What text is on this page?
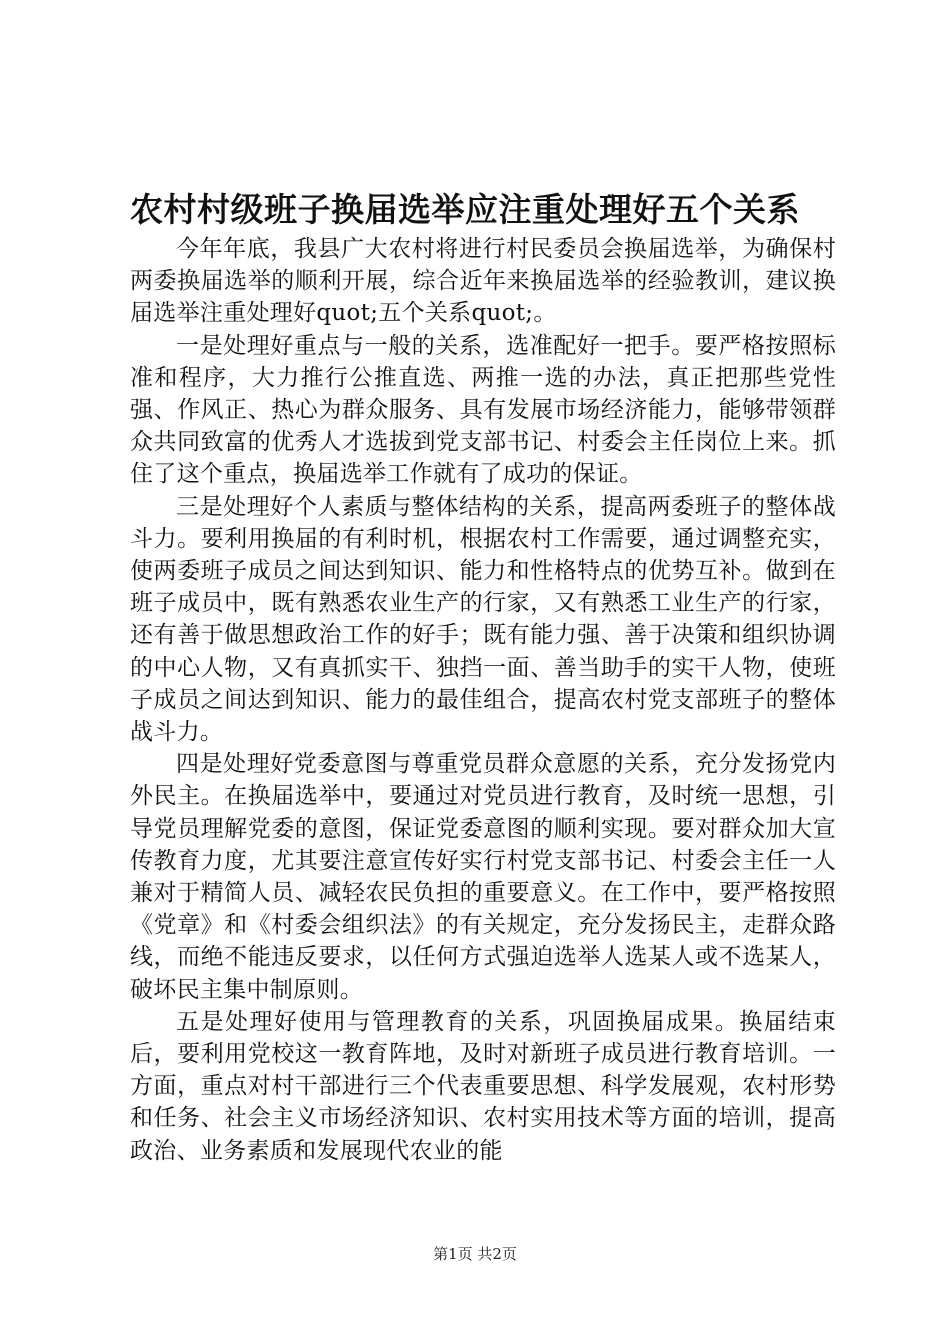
农村村级班子换届选举应注重处理好五个关系

今年年底，我县广大农村将进行村民委员会换届选举，为确保村两委换届选举的顺利开展，综合近年来换届选举的经验教训，建议换届选举注重处理好quot;五个关系quot;。

一是处理好重点与一般的关系，选准配好一把手。要严格按照标准和程序，大力推行公推直选、两推一选的办法，真正把那些党性强、作风正、热心为群众服务、具有发展市场经济能力，能够带领群众共同致富的优秀人才选拔到党支部书记、村委会主任岗位上来。抓住了这个重点，换届选举工作就有了成功的保证。

三是处理好个人素质与整体结构的关系，提高两委班子的整体战斗力。要利用换届的有利时机，根据农村工作需要，通过调整充实，使两委班子成员之间达到知识、能力和性格特点的优势互补。做到在班子成员中，既有熟悉农业生产的行家，又有熟悉工业生产的行家，还有善于做思想政治工作的好手；既有能力强、善于决策和组织协调的中心人物，又有真抓实干、独挡一面、善当助手的实干人物，使班子成员之间达到知识、能力的最佳组合，提高农村党支部班子的整体战斗力。

四是处理好党委意图与尊重党员群众意愿的关系，充分发扬党内外民主。在换届选举中，要通过对党员进行教育，及时统一思想，引导党员理解党委的意图，保证党委意图的顺利实现。要对群众加大宣传教育力度，尤其要注意宣传好实行村党支部书记、村委会主任一人兼对于精简人员、减轻农民负担的重要意义。在工作中，要严格按照《党章》和《村委会组织法》的有关规定，充分发扬民主，走群众路线，而绝不能违反要求，以任何方式强迫选举人选某人或不选某人，破坏民主集中制原则。

五是处理好使用与管理教育的关系，巩固换届成果。换届结束后，要利用党校这一教育阵地，及时对新班子成员进行教育培训。一方面，重点对村干部进行三个代表重要思想、科学发展观，农村形势和任务、社会主义市场经济知识、农村实用技术等方面的培训，提高政治、业务素质和发展现代农业的能

第1页 共2页
